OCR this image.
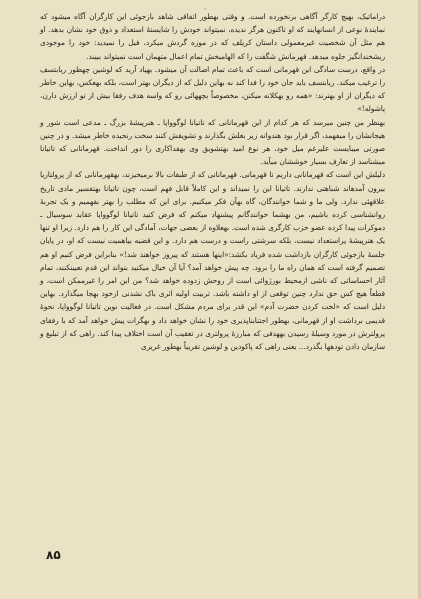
۰

دراماتیک، بهیچ کارگر آگاهی برنخورده است. و وقتی بهطور اتفاقی شاهد بازجوئی این کارگران آگاه میشود که نمایندهٔ نوعی از انسانهایند که او تاکنون هرگز ندیده، نمیتواند خودش را شایستهٔ استعداد و ذوق خود نشان بدهد. او هم مثل آن شخصیت غیرمعمولی داستان کریلف که در موزه گردش میکرد، فیل را نمیدید: خود را موجودی ریشخندانگیز جلوه میدهد. قهرمانش شگفت را که الهامبخش تمام اعمال متهمان است نمیتواند ببیند.

در واقع، درست سادگی این قهرمانی است که باعث تمام اصالت آن میشود. بهیاد آرید که لوشین چهطور ریابتسف را ترغیب میکند. ریابتسف باید جان خود را فدا کند نه بهاین دلیل که از دیگران بهتر است، بلکه بهعکس، بهاین خاطر که دیگران از او بهترند: «همه رو بهکلانه میکنن، مخصوصاً بچههائی رو که واسه هدف رفقا بیش از تو ارزش دارن، پاشوله!»

بهنظر من چنین میرسد که هر کدام از این قهرمانانی که تاتیانا لوگوواپا ـ هنرپیشهٔ بزرگ ـ مدعی است شور و هیجانشان را میفهمد، اگر قرار بود هندوانه زیر بغلش بگذارند و تشویقش کنند سخت رنجیده خاطر میشد. و در چنین صورتی میبایست علیرغم میل خود، هر نوع امید بهتشویق وی بهفداکاری را دور انداخت. قهرمانانی که تاتیانا میشناسد از تعارف بسیار خوششان میآید.

دلیلش این است که قهرمانانی داریم تا قهرمانی. قهرمانانی که از طبقات بالا برمیخیزند، بهقهرمانانی که از پرولتاریا بیرون آمدهاند شباهتی ندارند. تاتیانا این را نمیداند و این کاملاً قابل فهم است، چون تاتیانا بهتفسیر مادی تاریخ علاقهئی ندارد. ولی ما و شما خوانندگان، گاه بهآن فکر میکنیم. برای این که مطلب را بهتر بفهمیم و یک تجربهٔ روانشناسی کرده باشیم، من بهشما خوانندگانم پیشنهاد میکنم که فرض کنید تاتیانا لوگوواپا عقاید سوسیال ـ دموکرات پیدا کرده عضو حزب کارگری شده است. بهعلاوه از بعضی جهات، آمادگی این کار را هم دارد. زیرا او تنها یک هنرپیشهٔ پراستعداد نیست، بلکه سرشتی راست و درست هم دارد. و این قضیه بیاهمیت نیست که او، در پایان جلسهٔ بازجوئی کارگران بازداشت شده فریاد بکشد:«اینها هستند که پیروز خواهند شد!» بنابراین فرض کنیم او هم تصمیم گرفته است که همان راه ما را برود. چه پیش خواهد آمد؟ آیا آن خیال میکنید بتواند این قدم تعیینکنند، تمام آثار احساساتی که ناشی ازمحیط بورژوائی است از روحش زدوده خواهد شد؟ من این امر را غیرممکن است، و قطعاً هیچ کس حق ندارد چنین توقعی از او داشته باشد. تربیت اولیه اثری باک نشدنی ازخود بهجا میگذارد. بهاین دلیل است که «لخت کردن حضرت آدم» این قدر برای مردم مشکل است. در فعالیت نوین تاتیانا لوگوواپا، نحوهٔ قدیمی برداشت او از قهرمانی، بهطور اجتنابناپذیری خود را نشان خواهد داد و بهگرات پیش خواهد آمد که با رفقای پرولترش در مورد وسیلهٔ رسیدن بههدفی که مبارزهٔ پرولتری در تعقیب آن است اختلاف پیدا کند. راهی که از تبلیغ و سازمان دادن تودهها بگذرد... یعنی راهی که پاکودین و لوشین تقریباً بهطور غریزی

۸۵
